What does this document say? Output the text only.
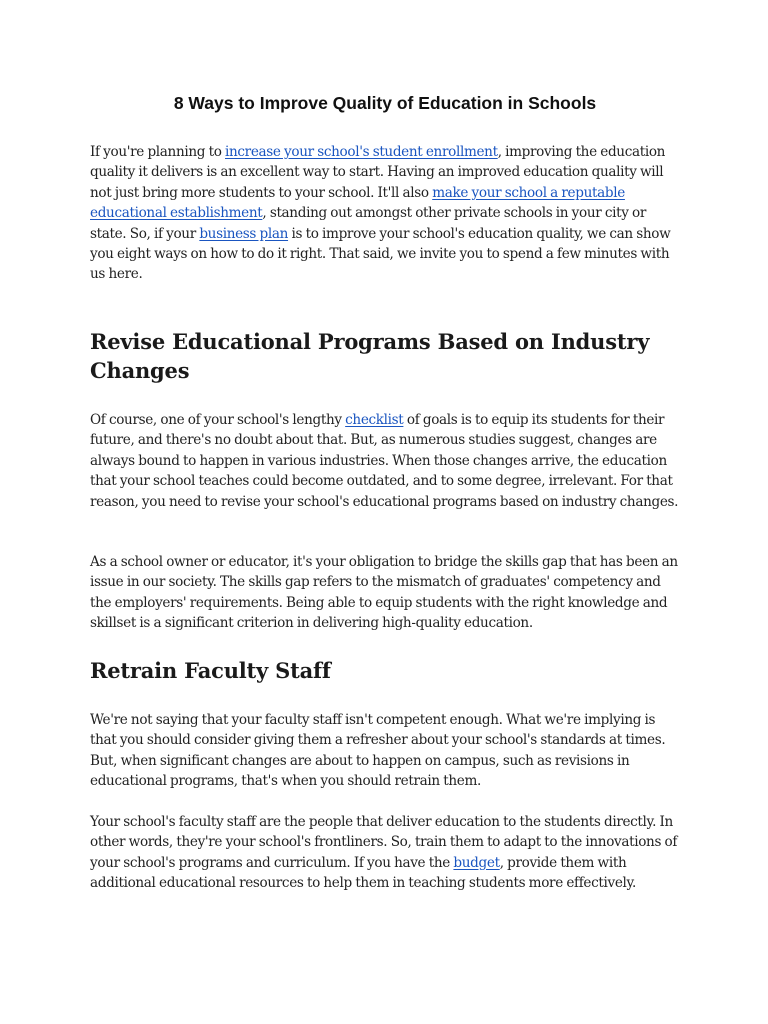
8 Ways to Improve Quality of Education in Schools

If you're planning to increase your school's student enrollment, improving the education quality it delivers is an excellent way to start. Having an improved education quality will not just bring more students to your school. It'll also make your school a reputable educational establishment, standing out amongst other private schools in your city or state. So, if your business plan is to improve your school's education quality, we can show you eight ways on how to do it right. That said, we invite you to spend a few minutes with us here.

Revise Educational Programs Based on Industry Changes

Of course, one of your school's lengthy checklist of goals is to equip its students for their future, and there's no doubt about that. But, as numerous studies suggest, changes are always bound to happen in various industries. When those changes arrive, the education that your school teaches could become outdated, and to some degree, irrelevant. For that reason, you need to revise your school's educational programs based on industry changes.

As a school owner or educator, it's your obligation to bridge the skills gap that has been an issue in our society. The skills gap refers to the mismatch of graduates' competency and the employers' requirements. Being able to equip students with the right knowledge and skillset is a significant criterion in delivering high-quality education.

Retrain Faculty Staff

We're not saying that your faculty staff isn't competent enough. What we're implying is that you should consider giving them a refresher about your school's standards at times. But, when significant changes are about to happen on campus, such as revisions in educational programs, that's when you should retrain them.

Your school's faculty staff are the people that deliver education to the students directly. In other words, they're your school's frontliners. So, train them to adapt to the innovations of your school's programs and curriculum. If you have the budget, provide them with additional educational resources to help them in teaching students more effectively.
